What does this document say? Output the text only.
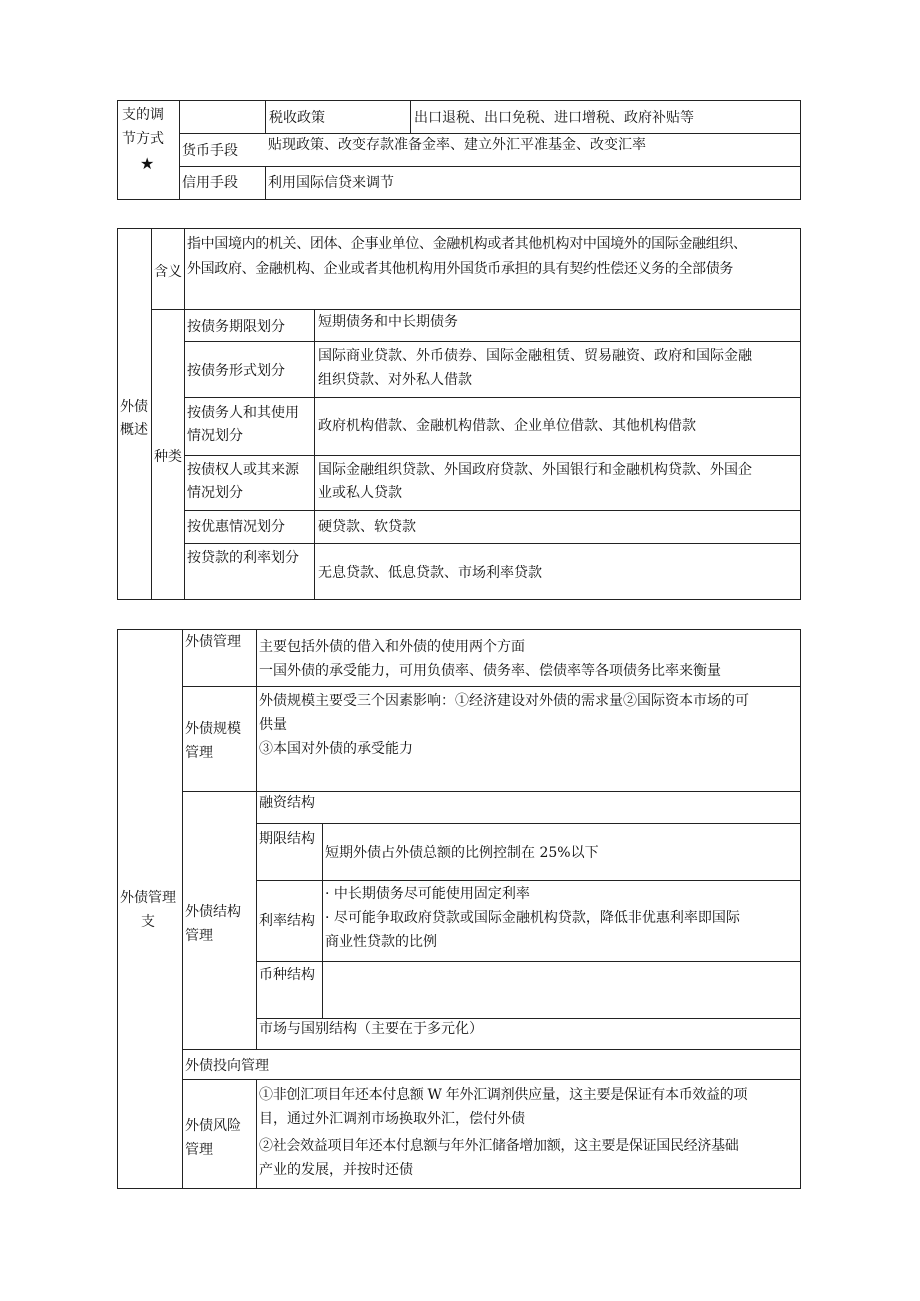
支的调
节方式
★
税收政策	出口退税、出口免税、进口增税、政府补贴等
货币手段 贴现政策、改变存款准备金率、建立外汇平准基金、改变汇率
信用手段 利用国际信贷来调节
外债
概述
含义
指中国境内的机关、团体、企事业单位、金融机构或者其他机构对中国境外的国际金融组织、
外国政府、金融机构、企业或者其他机构用外国货币承担的具有契约性偿还义务的全部债务
种类
按债务期限划分 短期债务和中长期债务
按债务形式划分
国际商业贷款、外币债券、国际金融租赁、贸易融资、政府和国际金融
组织贷款、对外私人借款
按债务人和其使用
情况划分
政府机构借款、金融机构借款、企业单位借款、其他机构借款
按债权人或其来源
情况划分
国际金融组织贷款、外国政府贷款、外国银行和金融机构贷款、外国企
业或私人贷款
按优惠情况划分 硬贷款、软贷款
按贷款的利率划分
无息贷款、低息贷款、市场利率贷款
外债管理
支
外债管理 主要包括外债的借入和外债的使用两个方面
一国外债的承受能力，可用负债率、债务率、偿债率等各项债务比率来衡量
外债规模
管理
外债规模主要受三个因素影响：①经济建设对外债的需求量②国际资本市场的可
供量
③本国对外债的承受能力
外债结构
管理
融资结构
期限结构
短期外债占外债总额的比例控制在 25%以下
利率结构
· 中长期债务尽可能使用固定利率
· 尽可能争取政府贷款或国际金融机构贷款，降低非优惠利率即国际
商业性贷款的比例
币种结构
市场与国别结构（主要在于多元化）
外债投向管理
外债风险
管理
①非创汇项目年还本付息额 W 年外汇调剂供应量，这主要是保证有本币效益的项
目，通过外汇调剂市场换取外汇，偿付外债
②社会效益项目年还本付息额与年外汇储备增加额，这主要是保证国民经济基础
产业的发展，并按时还债
